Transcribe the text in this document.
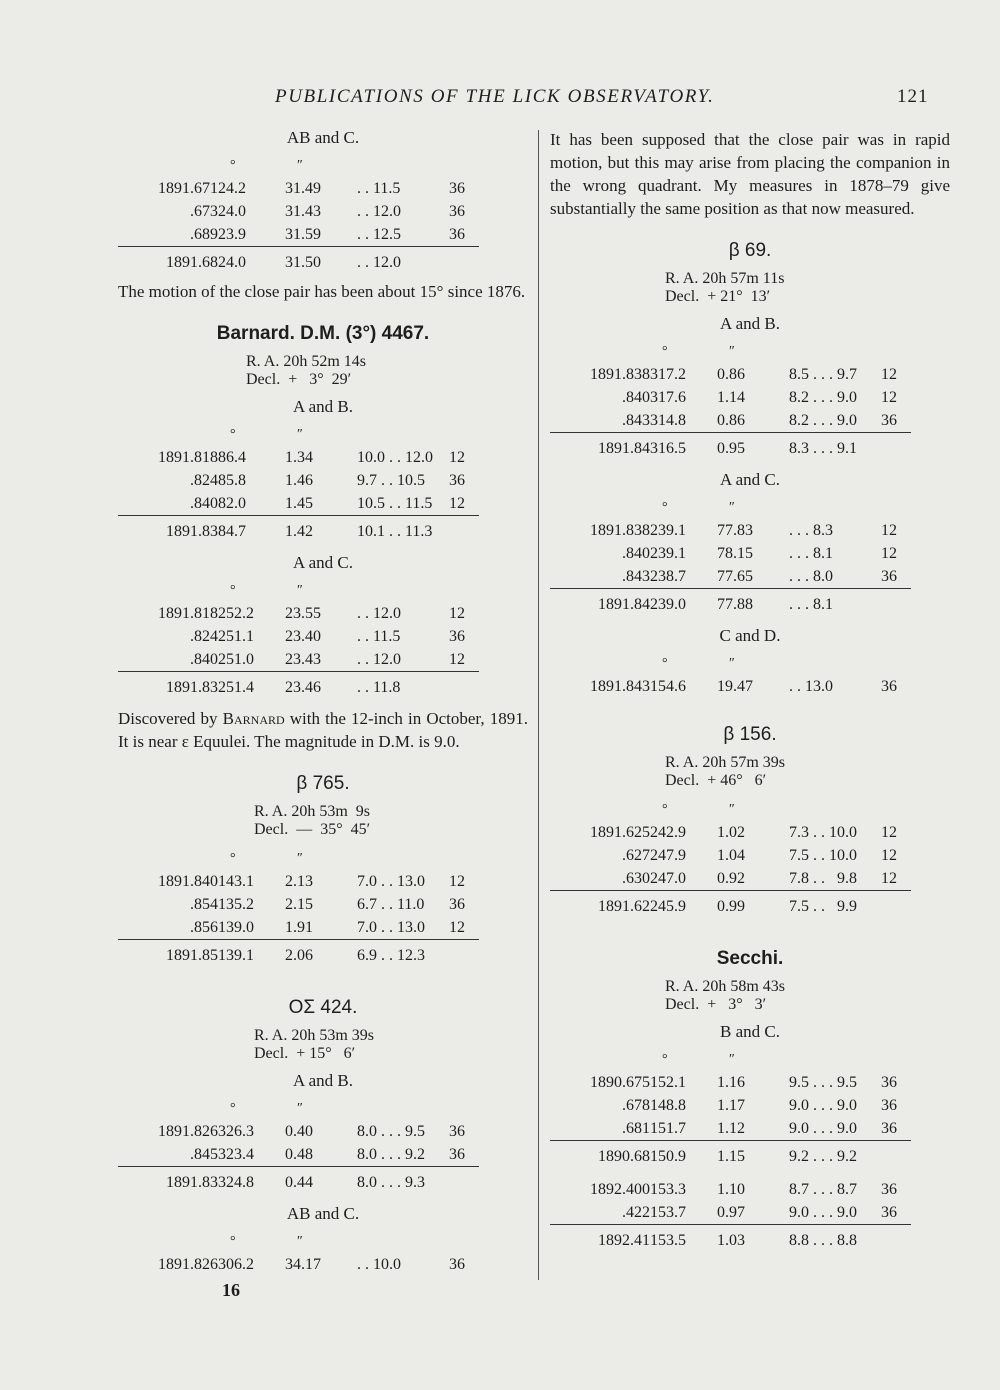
PUBLICATIONS OF THE LICK OBSERVATORY.	121
AB and C.
	°	″		
1891.671	24.2	31.49	. . 11.5	36
.673	24.0	31.43	. . 12.0	36
.689	23.9	31.59	. . 12.5	36
1891.68	24.0	31.50	. . 12.0	
The motion of the close pair has been about 15° since 1876.
Barnard. D.M. (3°) 4467.
R. A. 20h 52m 14s
Decl.  +   3°  29′
A and B.
	°	″		
1891.818	86.4	1.34	10.0 . . 12.0	12
.824	85.8	1.46	9.7 . . 10.5	36
.840	82.0	1.45	10.5 . . 11.5	12
1891.83	84.7	1.42	10.1 . . 11.3	
A and C.
	°	″		
1891.818	252.2	23.55	. . 12.0	12
.824	251.1	23.40	. . 11.5	36
.840	251.0	23.43	. . 12.0	12
1891.83	251.4	23.46	. . 11.8	
Discovered by Barnard with the 12-inch in October, 1891. It is near ε Equulei. The magnitude in D.M. is 9.0.
β 765.
R. A. 20h 53m  9s
Decl.  —  35°  45′
	°	″		
1891.840	143.1	2.13	7.0 . . 13.0	12
.854	135.2	2.15	6.7 . . 11.0	36
.856	139.0	1.91	7.0 . . 13.0	12
1891.85	139.1	2.06	6.9 . . 12.3	
OΣ 424.
R. A. 20h 53m 39s
Decl.  + 15°   6′
A and B.
	°	″		
1891.826	326.3	0.40	8.0 . . . 9.5	36
.845	323.4	0.48	8.0 . . . 9.2	36
1891.83	324.8	0.44	8.0 . . . 9.3	
AB and C.
	°	″		
1891.826	306.2	34.17	. . 10.0	36
16
It has been supposed that the close pair was in rapid motion, but this may arise from placing the companion in the wrong quadrant. My measures in 1878–79 give substantially the same position as that now measured.
β 69.
R. A. 20h 57m 11s
Decl.  + 21°  13′
A and B.
	°	″		
1891.838	317.2	0.86	8.5 . . . 9.7	12
.840	317.6	1.14	8.2 . . . 9.0	12
.843	314.8	0.86	8.2 . . . 9.0	36
1891.84	316.5	0.95	8.3 . . . 9.1	
A and C.
	°	″		
1891.838	239.1	77.83	. . . 8.3	12
.840	239.1	78.15	. . . 8.1	12
.843	238.7	77.65	. . . 8.0	36
1891.84	239.0	77.88	. . . 8.1	
C and D.
	°	″		
1891.843	154.6	19.47	. . 13.0	36
β 156.
R. A. 20h 57m 39s
Decl.  + 46°   6′
	°	″		
1891.625	242.9	1.02	7.3 . . 10.0	12
.627	247.9	1.04	7.5 . . 10.0	12
.630	247.0	0.92	7.8 . .   9.8	12
1891.62	245.9	0.99	7.5 . .   9.9	
Secchi.
R. A. 20h 58m 43s
Decl.  +   3°   3′
B and C.
	°	″		
1890.675	152.1	1.16	9.5 . . . 9.5	36
.678	148.8	1.17	9.0 . . . 9.0	36
.681	151.7	1.12	9.0 . . . 9.0	36
1890.68	150.9	1.15	9.2 . . . 9.2	

1892.400	153.3	1.10	8.7 . . . 8.7	36
.422	153.7	0.97	9.0 . . . 9.0	36
1892.41	153.5	1.03	8.8 . . . 8.8	
